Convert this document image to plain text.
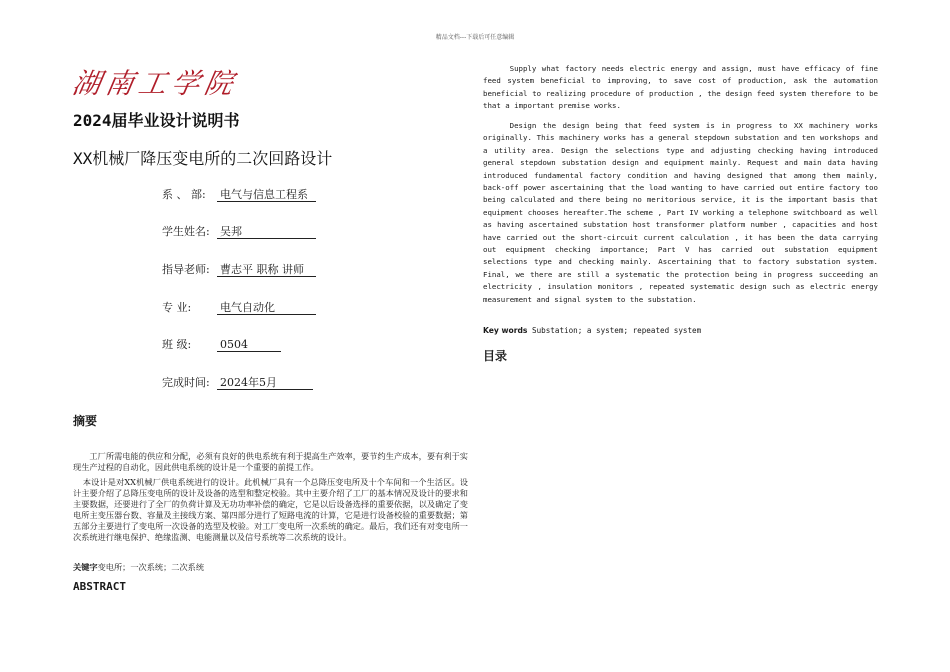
精品文档---下载后可任意编辑
湖南工学院
2024届毕业设计说明书
XX机械厂降压变电所的二次回路设计
系 、 部:	电气与信息工程系
学生姓名: 吴邦
指导老师: 曹志平 职称 讲师
专 业:	电气自动化
班 级:	0504
完成时间: 2024年5月
摘要
工厂所需电能的供应和分配，必须有良好的供电系统有利于提高生产效率，要节约生产成本，要有利于实现生产过程的自动化，因此供电系统的设计是一个重要的前提工作。
本设计是对XX机械厂供电系统进行的设计。此机械厂具有一个总降压变电所及十个车间和一个生活区。设计主要介绍了总降压变电所的设计及设备的选型和整定校验。其中主要介绍了工厂的基本情况及设计的要求和主要数据，还要进行了全厂的负荷计算及无功功率补偿的确定，它是以后设备选择的重要依据，以及确定了变电所主变压器台数、容量及主接线方案、第四部分进行了短路电流的计算，它是进行设备校验的重要数据；第五部分主要进行了变电所一次设备的选型及校验。对工厂变电所一次系统的确定。最后，我们还有对变电所一次系统进行继电保护、绝缘监测、电能测量以及信号系统等二次系统的设计。
关键字变电所；一次系统；二次系统
ABSTRACT
Supply what factory needs electric energy and assign, must have efficacy of fine feed system beneficial to improving, to save cost of production, ask the automation beneficial to realizing procedure of production , the design feed system therefore to be that a important premise works.
Design the design being that feed system is in progress to XX machinery works originally. This machinery works has a general stepdown substation and ten workshops and a utility area. Design the selections type and adjusting checking having introduced general stepdown substation design and equipment mainly. Request and main data having introduced fundamental factory condition and having designed that among them mainly, back-off power ascertaining that the load wanting to have carried out entire factory too being calculated and there being no meritorious service, it is the important basis that equipment chooses hereafter.The scheme , Part IV working a telephone switchboard as well as having ascertained substation host transformer platform number , capacities and host have carried out the short-circuit current calculation , it has been the data carrying out equipment checking importance; Part V has carried out substation equipment selections type and checking mainly. Ascertaining that to factory substation system. Final, we there are still a systematic the protection being in progress succeeding an electricity , insulation monitors , repeated systematic design such as electric energy measurement and signal system to the substation.
Key words Substation; a system; repeated system
目录
